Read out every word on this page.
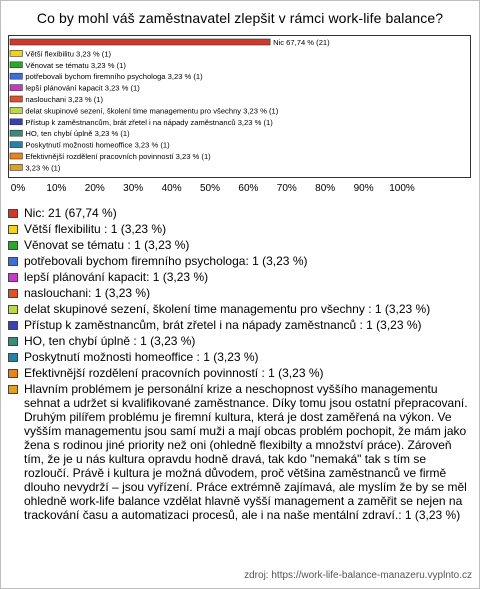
Co by mohl váš zaměstnavatel zlepšit v rámci work-life balance?
Nic 67,74 % (21)
Větší flexibilitu 3,23 % (1)
Věnovat se tématu 3,23 % (1)
potřebovali bychom firemního psychologa 3,23 % (1)
lepší plánování kapacit 3,23 % (1)
naslouchani 3,23 % (1)
delat skupinové sezení, školení time managementu pro všechny 3,23 % (1)
Přístup k zaměstnancům, brát zřetel i na nápady zaměstnanců 3,23 % (1)
HO, ten chybí úplně 3,23 % (1)
Poskytnutí možnosti homeoffice 3,23 % (1)
Efektivnější rozdělení pracovních povinností 3,23 % (1)
3,23 % (1)
0% 10% 20% 30% 40% 50% 60% 70% 80% 90% 100%
Nic: 21 (67,74 %)
Větší flexibilitu : 1 (3,23 %)
Věnovat se tématu : 1 (3,23 %)
potřebovali bychom firemního psychologa: 1 (3,23 %)
lepší plánování kapacit: 1 (3,23 %)
naslouchani: 1 (3,23 %)
delat skupinové sezení, školení time managementu pro všechny : 1 (3,23 %)
Přístup k zaměstnancům, brát zřetel i na nápady zaměstnanců : 1 (3,23 %)
HO, ten chybí úplně : 1 (3,23 %)
Poskytnutí možnosti homeoffice : 1 (3,23 %)
Efektivnější rozdělení pracovních povinností : 1 (3,23 %)
Hlavním problémem je personální krize a neschopnost vyššího managementu sehnat a udržet si kvalifikované zaměstnance. Díky tomu jsou ostatní přepracovaní. Druhým pilířem problému je firemní kultura, která je dost zaměřená na výkon. Ve vyšším managementu jsou samí muži a mají obcas problém pochopit, že mám jako žena s rodinou jiné priority než oni (ohledně flexibilty a množství práce). Zároveň tím, že je u nás kultura opravdu hodně dravá, tak kdo "nemaká" tak s tím se rozloučí. Právě i kultura je možná důvodem, proč většina zaměstnanců ve firmě dlouho nevydrží – jsou vyřízení. Práce extrémně zajímavá, ale myslím že by se měl ohledně work-life balance vzdělat hlavně vyšší management a zaměřit se nejen na trackování času a automatizaci procesů, ale i na naše mentální zdraví.: 1 (3,23 %)
zdroj: https://work-life-balance-manazeru.vyplnto.cz
